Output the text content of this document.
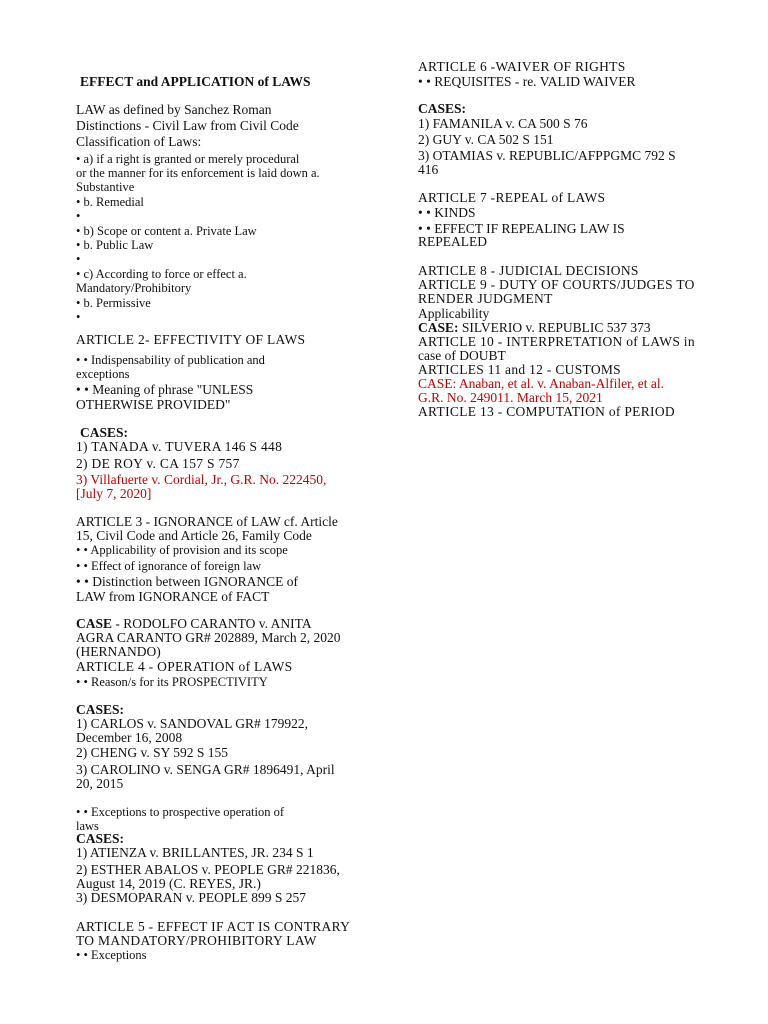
EFFECT and APPLICATION of LAWS
LAW as defined by Sanchez Roman
Distinctions - Civil Law from Civil Code
Classification of Laws:
• a) if a right is granted or merely procedural
or the manner for its enforcement is laid down a.
Substantive
• b. Remedial
•
• b) Scope or content a. Private Law
• b. Public Law
•
• c) According to force or effect a.
Mandatory/Prohibitory
• b. Permissive
•
ARTICLE 2- EFFECTIVITY OF LAWS
• • Indispensability of publication and
exceptions
• • Meaning of phrase "UNLESS
OTHERWISE PROVIDED"
CASES:
1) TANADA v. TUVERA 146 S 448
2) DE ROY v. CA 157 S 757
3) Villafuerte v. Cordial, Jr., G.R. No. 222450,
[July 7, 2020]
ARTICLE 3 - IGNORANCE of LAW cf. Article
15, Civil Code and Article 26, Family Code
• • Applicability of provision and its scope
• • Effect of ignorance of foreign law
• • Distinction between IGNORANCE of
LAW from IGNORANCE of FACT
CASE - RODOLFO CARANTO v. ANITA
AGRA CARANTO GR# 202889, March 2, 2020
(HERNANDO)
ARTICLE 4 - OPERATION of LAWS
• • Reason/s for its PROSPECTIVITY
CASES:
1) CARLOS v. SANDOVAL GR# 179922,
December 16, 2008
2) CHENG v. SY 592 S 155
3) CAROLINO v. SENGA GR# 1896491, April
20, 2015
• • Exceptions to prospective operation of
laws
CASES:
1) ATIENZA v. BRILLANTES, JR. 234 S 1
2) ESTHER ABALOS v. PEOPLE GR# 221836,
August 14, 2019 (C. REYES, JR.)
3) DESMOPARAN v. PEOPLE 899 S 257
ARTICLE 5 - EFFECT IF ACT IS CONTRARY
TO MANDATORY/PROHIBITORY LAW
• • Exceptions
ARTICLE 6 -WAIVER OF RIGHTS
• • REQUISITES - re. VALID WAIVER
CASES:
1) FAMANILA v. CA 500 S 76
2) GUY v. CA 502 S 151
3) OTAMIAS v. REPUBLIC/AFPPGMC 792 S
416
ARTICLE 7 -REPEAL of LAWS
• • KINDS
• • EFFECT IF REPEALING LAW IS
REPEALED
ARTICLE 8 - JUDICIAL DECISIONS
ARTICLE 9 - DUTY OF COURTS/JUDGES TO
RENDER JUDGMENT
Applicability
CASE: SILVERIO v. REPUBLIC 537 373
ARTICLE 10 - INTERPRETATION of LAWS in
case of DOUBT
ARTICLES 11 and 12 - CUSTOMS
CASE: Anaban, et al. v. Anaban-Alfiler, et al.
G.R. No. 249011. March 15, 2021
ARTICLE 13 - COMPUTATION of PERIOD
